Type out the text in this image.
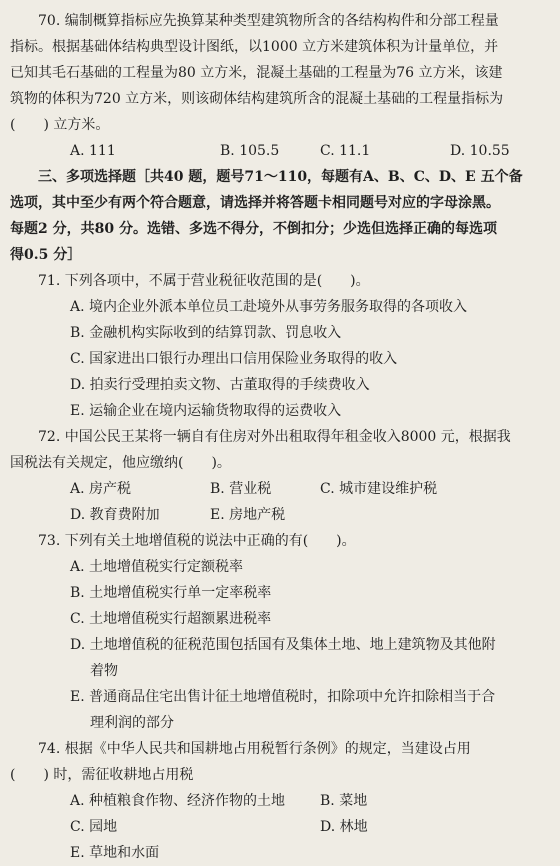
70. 编制概算指标应先换算某种类型建筑物所含的各结构构件和分部工程量

指标。根据基础体结构典型设计图纸，以1000 立方米建筑体积为计量单位，并

已知其毛石基础的工程量为80 立方米，混凝土基础的工程量为76 立方米，该建

筑物的体积为720 立方米，则该砌体结构建筑所含的混凝土基础的工程量指标为

(　　) 立方米。

A. 111	B. 105.5	C. 11.1	D. 10.55

三、多项选择题［共40 题，题号71～110，每题有A、B、C、D、E 五个备

选项，其中至少有两个符合题意，请选择并将答题卡相同题号对应的字母涂黑。

每题2 分，共80 分。选错、多选不得分，不倒扣分；少选但选择正确的每选项

得0.5 分］

71. 下列各项中，不属于营业税征收范围的是(　　)。

A. 境内企业外派本单位员工赴境外从事劳务服务取得的各项收入

B. 金融机构实际收到的结算罚款、罚息收入

C. 国家进出口银行办理出口信用保险业务取得的收入

D. 拍卖行受理拍卖文物、古董取得的手续费收入

E. 运输企业在境内运输货物取得的运费收入

72. 中国公民王某将一辆自有住房对外出租取得年租金收入8000 元，根据我

国税法有关规定，他应缴纳(　　)。

A. 房产税	B. 营业税	C. 城市建设维护税
D. 教育费附加	E. 房地产税

73. 下列有关土地增值税的说法中正确的有(　　)。

A. 土地增值税实行定额税率

B. 土地增值税实行单一定率税率

C. 土地增值税实行超额累进税率

D. 土地增值税的征税范围包括国有及集体土地、地上建筑物及其他附

着物

E. 普通商品住宅出售计征土地增值税时，扣除项中允许扣除相当于合

理利润的部分

74. 根据《中华人民共和国耕地占用税暂行条例》的规定，当建设占用

(　　) 时，需征收耕地占用税

A. 种植粮食作物、经济作物的土地	B. 菜地
C. 园地	D. 林地
E. 草地和水面
